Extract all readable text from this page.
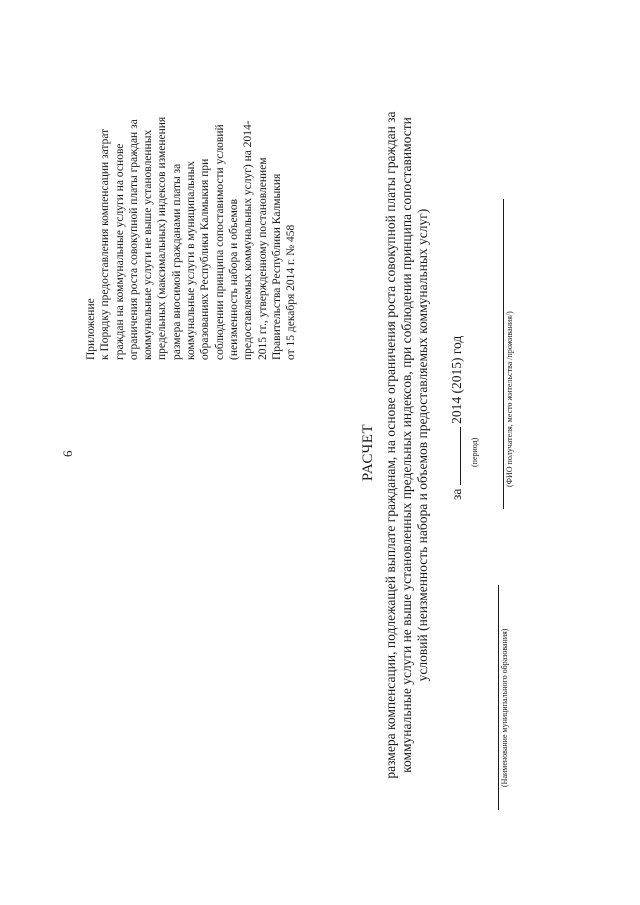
6
Приложение к Порядку предоставления компенсации затрат граждан на коммунальные услуги на основе ограничения роста совокупной платы граждан за коммунальные услуги не выше установленных предельных (максимальных) индексов изменения размера вносимой гражданами платы за коммунальные услуги в муниципальных образованиях Республики Калмыкия при соблюдении принципа сопоставимости условий (неизменность набора и объемов предоставляемых коммунальных услуг) на 2014- 2015 гг., утвержденному постановлением Правительства Республики Калмыкия от 15 декабря 2014 г. № 458
РАСЧЕТ размера компенсации, подлежащей выплате гражданам, на основе ограничения роста совокупной платы граждан за коммунальные услуги не выше установленных предельных индексов, при соблюдении принципа сопоставимости условий (неизменность набора и объемов предоставляемых коммунальных услуг) за  2014 (2015) год
(период)
(Наименование муниципального образования)
(ФИО получателя, место жительства /проживания/)
